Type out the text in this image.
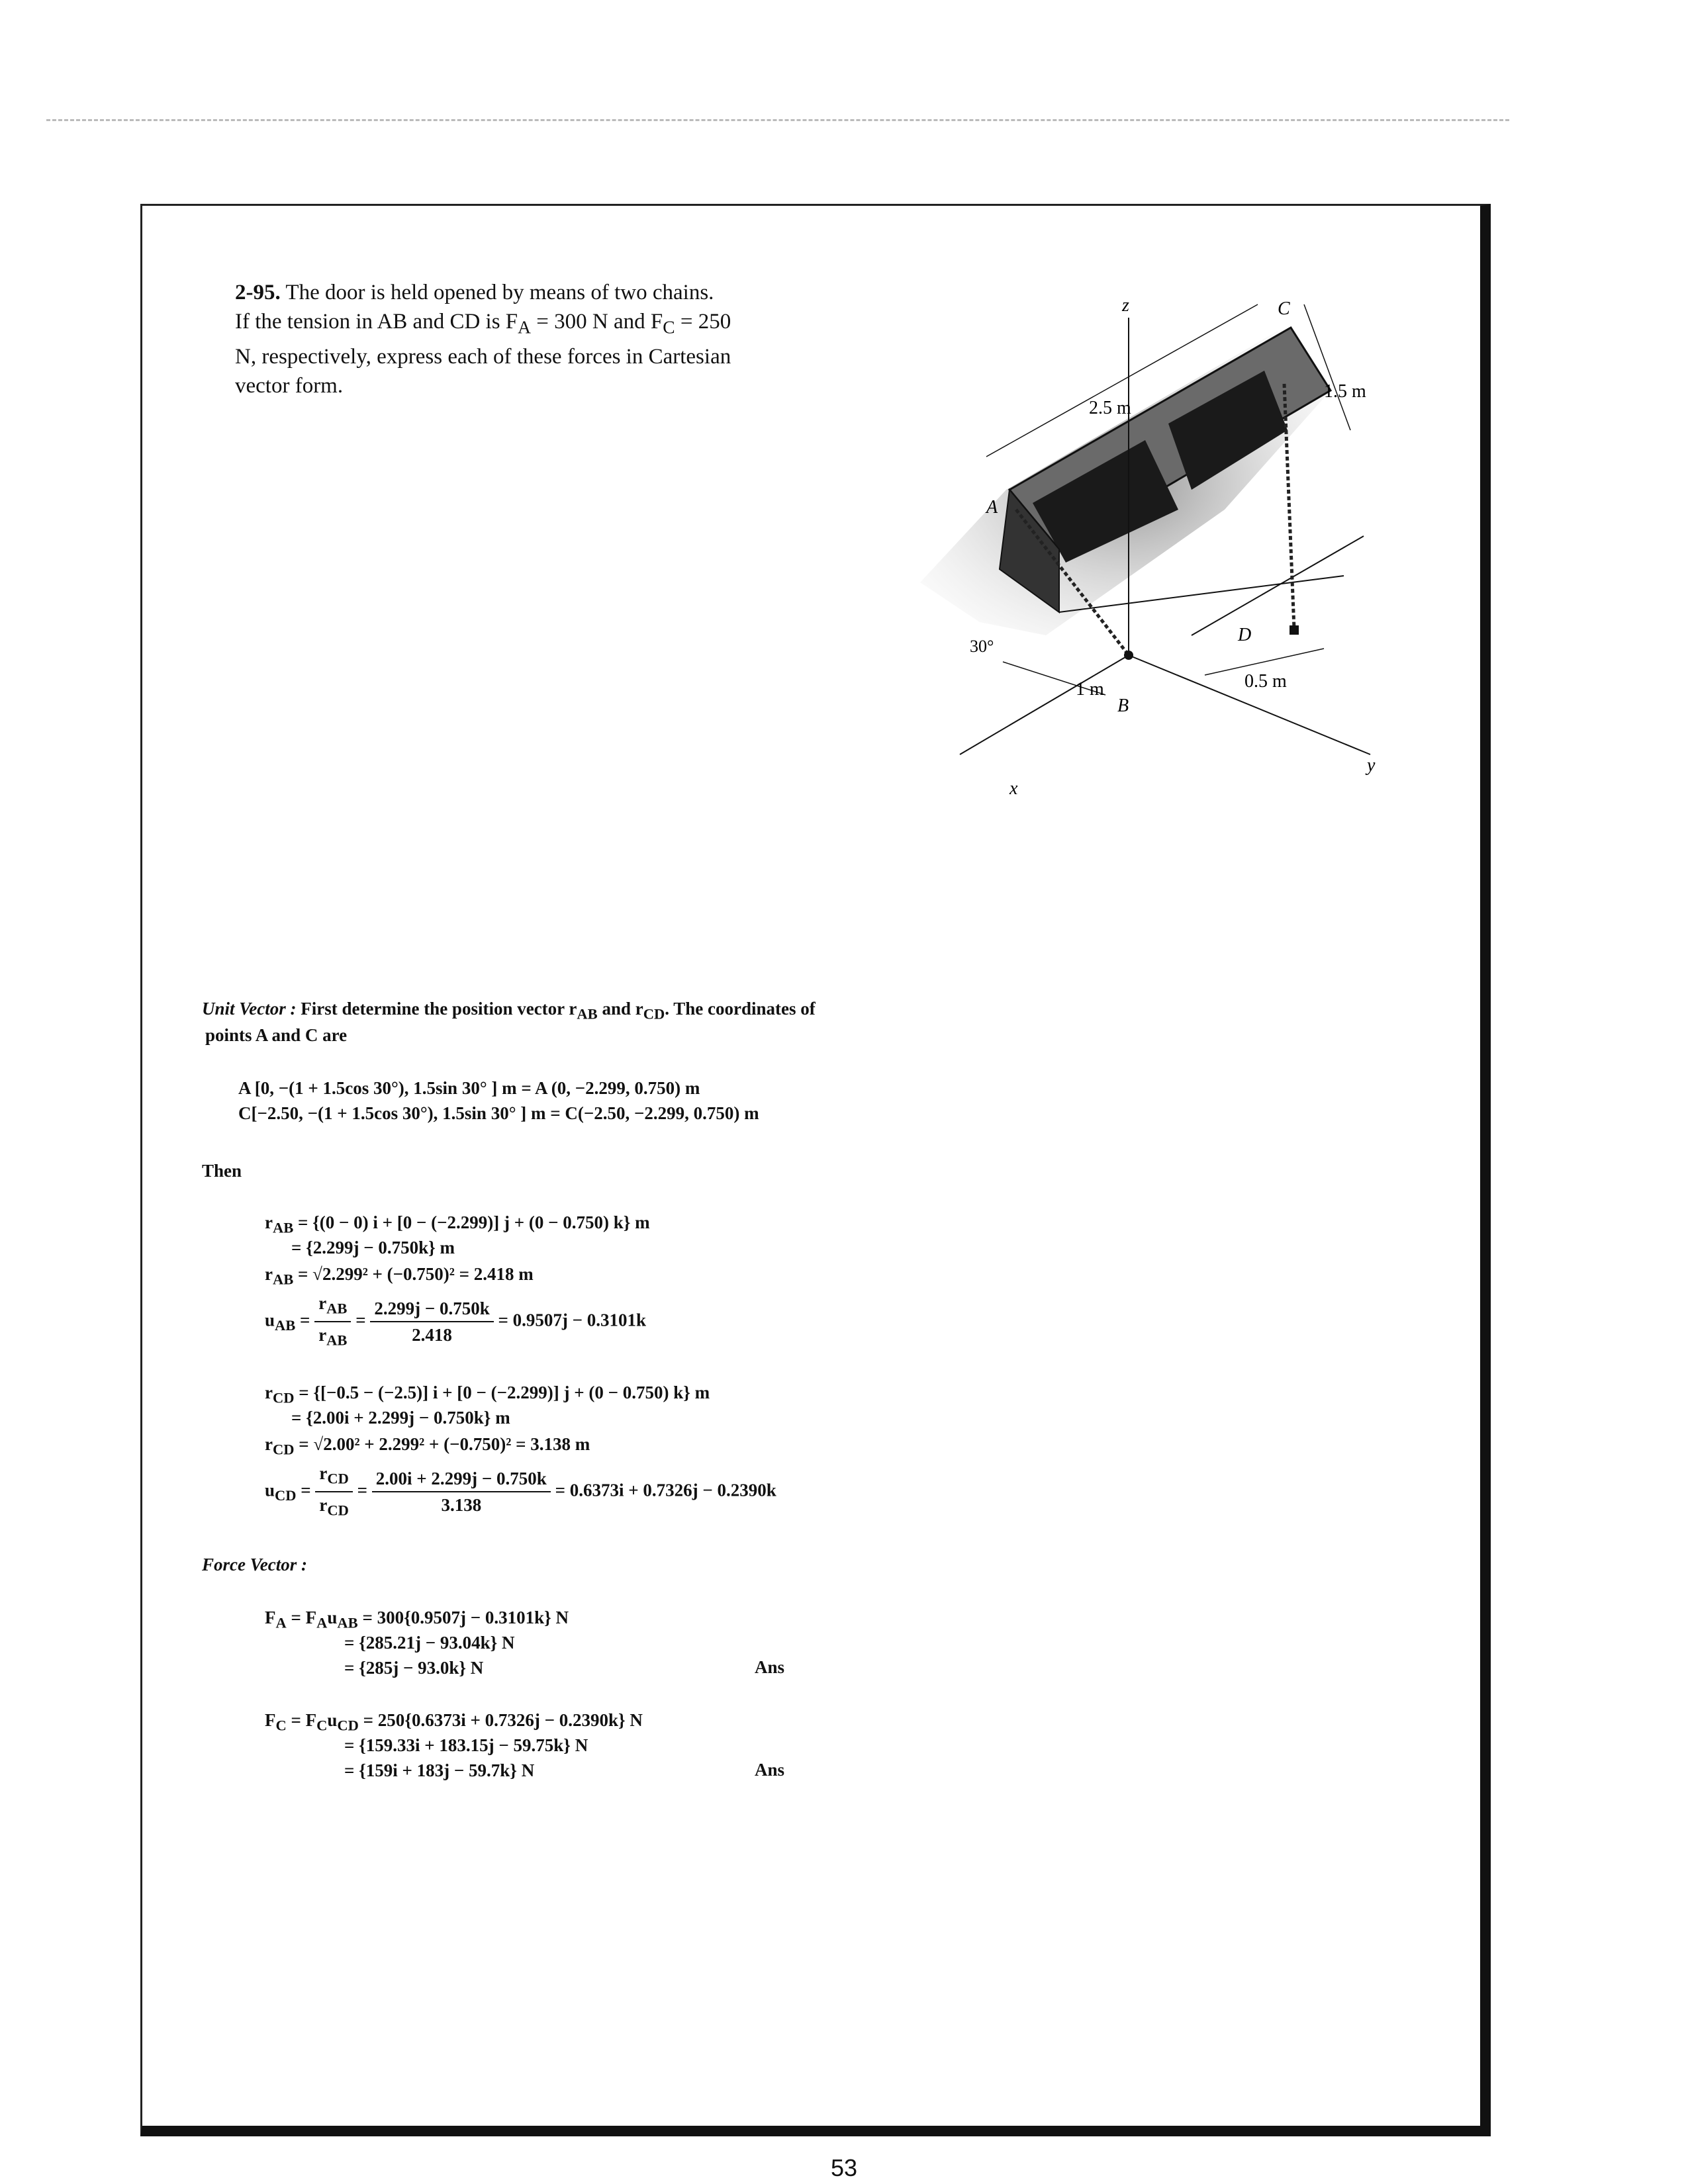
2-95. The door is held opened by means of two chains.
If the tension in AB and CD is $F_A = 300$ N and $F_C = 250$
N, respectively, express each of these forces in Cartesian
vector form.
z	C
2.5 m
1.5 m
A
30°
D
1 m	0.5 m
B
y
x
Unit Vector : First determine the position vector $r_{AB}$ and $r_{CD}$. The coordinates of
points A and C are
A [0, −(1 + 1.5cos 30°), 1.5sin 30° ] m = A (0, −2.299, 0.750) m
C[−2.50, −(1 + 1.5cos 30°), 1.5sin 30° ] m = C(−2.50, −2.299, 0.750) m
Then
$r_{AB} = \{(0 - 0) i + [0 - (-2.299)] j + (0 - 0.750)$ k} m
= {2.299j − 0.750k} m
$r_{AB} = √2.299^2 + (-0.750)^2 = 2.418$ m
$u_{AB} = \frac{r_{AB}}{r_{AB}} = \frac{2.299j - 0.750k}{2.418} = 0.9507j - 0.3101k$
$r_{CD} = \{[-0.5 - (-2.5)] i + [0 - (-2.299)] j + (0 - 0.750)$ k} m
= {2.00i + 2.299j − 0.750k} m
$r_{CD} = √2.00^2 + 2.299^2 + (-0.750)^2 = 3.138$ m
$u_{CD} = \frac{r_{CD}}{r_{CD}} = \frac{2.00i + 2.299j - 0.750k}{3.138} = 0.6373i + 0.7326j - 0.2390k$
Force Vector :
$F_A = F_Au_{AB} = 300\{0.9507j - 0.3101k\}$ N
= {285.21j − 93.04k} N
= {285j − 93.0k} N	Ans
$F_C = F_Cu_{CD} = 250\{0.6373i + 0.7326j - 0.2390k\}$ N
= {159.33i + 183.15j − 59.75k} N
= {159i + 183j − 59.7k} N	Ans
53
